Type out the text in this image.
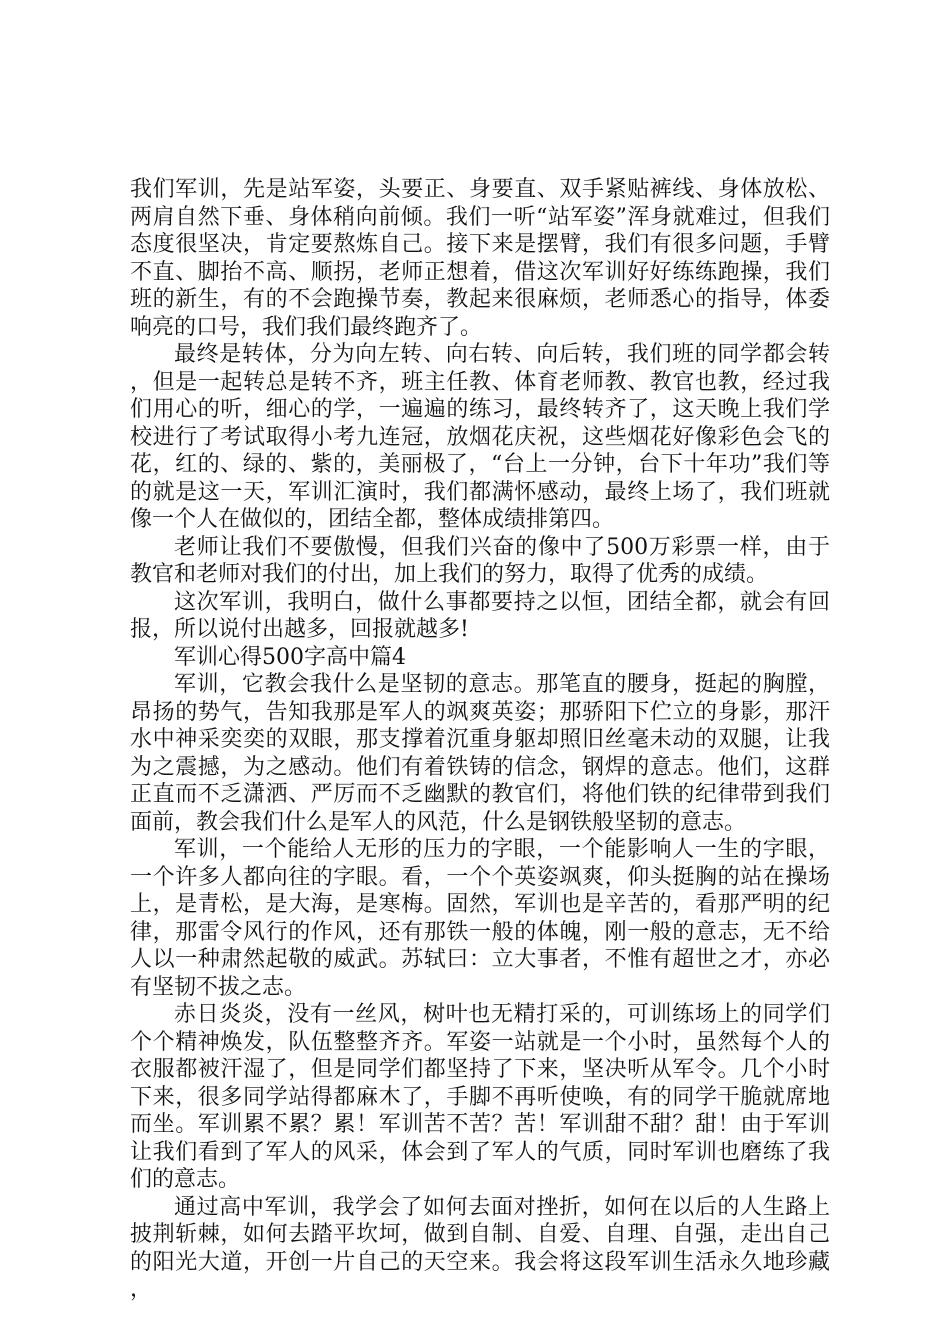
我们军训，先是站军姿，头要正、身要直、双手紧贴裤线、身体放松、两肩自然下垂、身体稍向前倾。我们一听“站军姿”浑身就难过，但我们态度很坚决，肯定要熬炼自己。接下来是摆臂，我们有很多问题，手臂不直、脚抬不高、顺拐，老师正想着，借这次军训好好练练跑操，我们班的新生，有的不会跑操节奏，教起来很麻烦，老师悉心的指导，体委响亮的口号，我们我们最终跑齐了。

最终是转体，分为向左转、向右转、向后转，我们班的同学都会转，但是一起转总是转不齐，班主任教、体育老师教、教官也教，经过我们用心的听，细心的学，一遍遍的练习，最终转齐了，这天晚上我们学校进行了考试取得小考九连冠，放烟花庆祝，这些烟花好像彩色会飞的花，红的、绿的、紫的，美丽极了，“台上一分钟，台下十年功”我们等的就是这一天，军训汇演时，我们都满怀感动，最终上场了，我们班就像一个人在做似的，团结全都，整体成绩排第四。

老师让我们不要傲慢，但我们兴奋的像中了500万彩票一样，由于教官和老师对我们的付出，加上我们的努力，取得了优秀的成绩。

这次军训，我明白，做什么事都要持之以恒，团结全都，就会有回报，所以说付出越多，回报就越多!

军训心得500字高中篇4

军训，它教会我什么是坚韧的意志。那笔直的腰身，挺起的胸膛，昂扬的势气，告知我那是军人的飒爽英姿；那骄阳下伫立的身影，那汗水中神采奕奕的双眼，那支撑着沉重身躯却照旧丝毫未动的双腿，让我为之震撼，为之感动。他们有着铁铸的信念，钢焊的意志。他们，这群正直而不乏潇洒、严厉而不乏幽默的教官们，将他们铁的纪律带到我们面前，教会我们什么是军人的风范，什么是钢铁般坚韧的意志。

军训，一个能给人无形的压力的字眼，一个能影响人一生的字眼，一个许多人都向往的字眼。看，一个个英姿飒爽，仰头挺胸的站在操场上，是青松，是大海，是寒梅。固然，军训也是辛苦的，看那严明的纪律，那雷令风行的作风，还有那铁一般的体魄，刚一般的意志，无不给人以一种肃然起敬的威武。苏轼曰：立大事者，不惟有超世之才，亦必有坚韧不拔之志。

赤日炎炎，没有一丝风，树叶也无精打采的，可训练场上的同学们个个精神焕发，队伍整整齐齐。军姿一站就是一个小时，虽然每个人的衣服都被汗湿了，但是同学们都坚持了下来，坚决听从军令。几个小时下来，很多同学站得都麻木了，手脚不再听使唤，有的同学干脆就席地而坐。军训累不累？累！军训苦不苦？苦！军训甜不甜？甜！由于军训让我们看到了军人的风采，体会到了军人的气质，同时军训也磨练了我们的意志。

通过高中军训，我学会了如何去面对挫折，如何在以后的人生路上披荆斩棘，如何去踏平坎坷，做到自制、自爱、自理、自强，走出自己的阳光大道，开创一片自己的天空来。我会将这段军训生活永久地珍藏，
